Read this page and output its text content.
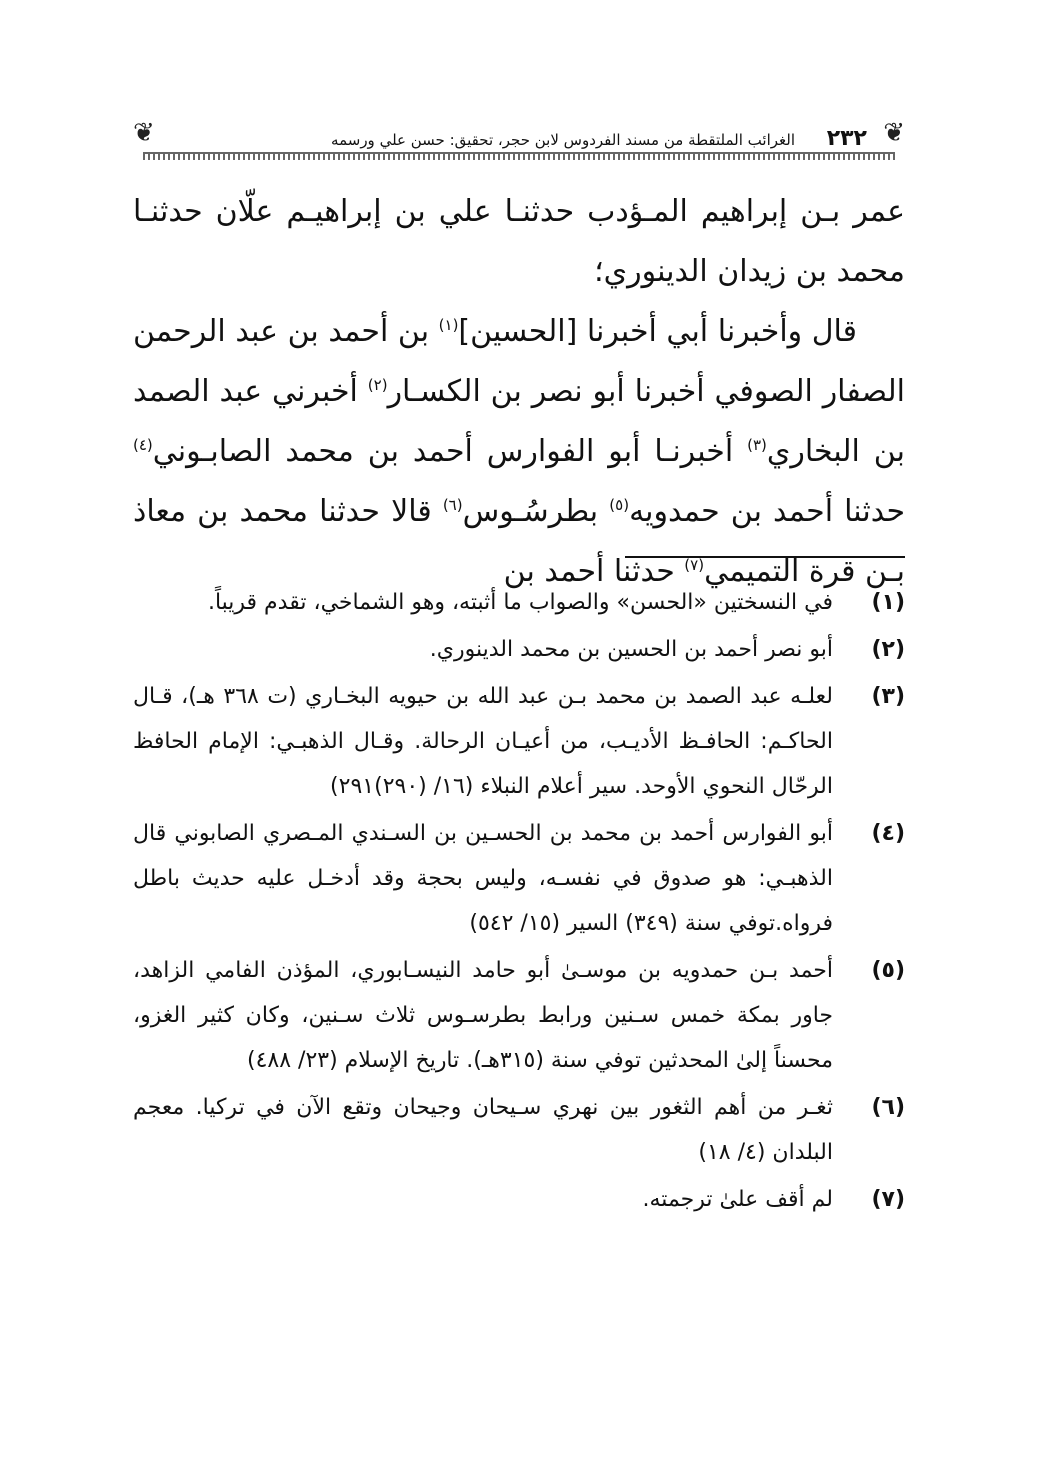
❦
٢٣٢
الغرائب الملتقطة من مسند الفردوس لابن حجر، تحقيق: حسن علي ورسمه
❦

عمر بـن إبراهيم المـؤدب حدثنـا علي بن إبراهيـم علّان حدثنـا محمد بن زيدان الدينوري؛

قال وأخبرنا أبي أخبرنا [الحسين]$^{(١)}$ بن أحمد بن عبد الرحمن الصفار الصوفي أخبرنا أبو نصر بن الكسـار$^{(٢)}$ أخبرني عبد الصمد بن البخاري$^{(٣)}$ أخبرنـا أبو الفوارس أحمد بن محمد الصابـوني$^{(٤)}$ حدثنا أحمد بن حمدويه$^{(٥)}$ بطرسُـوس$^{(٦)}$ قالا حدثنا محمد بن معاذ بـن قرة التميمي$^{(٧)}$ حدثنا أحمد بن

(١)
في النسختين «الحسن» والصواب ما أثبته، وهو الشماخي، تقدم قريباً.
(٢)
أبو نصر أحمد بن الحسين بن محمد الدينوري.
(٣)
لعلـه عبد الصمد بن محمد بـن عبد الله بن حيويه البخـاري (ت ٣٦٨ هـ)، قـال الحاكـم: الحافـظ الأديـب، من أعيـان الرحالة. وقـال الذهبـي: الإمام الحافظ الرحّال النحوي الأوحد. سير أعلام النبلاء (١٦/ (٢٩٠)٢٩١)
(٤)
أبو الفوارس أحمد بن محمد بن الحسـين بن السـندي المـصري الصابوني قال الذهبـي: هو صدوق في نفسـه، وليس بحجة وقد أدخـل عليه حديث باطل فرواه.توفي سنة (٣٤٩) السير (١٥/ ٥٤٢)
(٥)
أحمد بـن حمدويه بن موسـىٰ أبو حامد النيسـابوري، المؤذن الفامي الزاهد، جاور بمكة خمس سـنين ورابط بطرسـوس ثلاث سـنين، وكان كثير الغزو، محسناً إلىٰ المحدثين توفي سنة (٣١٥هـ). تاريخ الإسلام (٢٣/ ٤٨٨)
(٦)
ثغـر من أهم الثغور بين نهري سـيحان وجيحان وتقع الآن في تركيا. معجم البلدان (٤/ ١٨)
(٧)
لم أقف علىٰ ترجمته.
